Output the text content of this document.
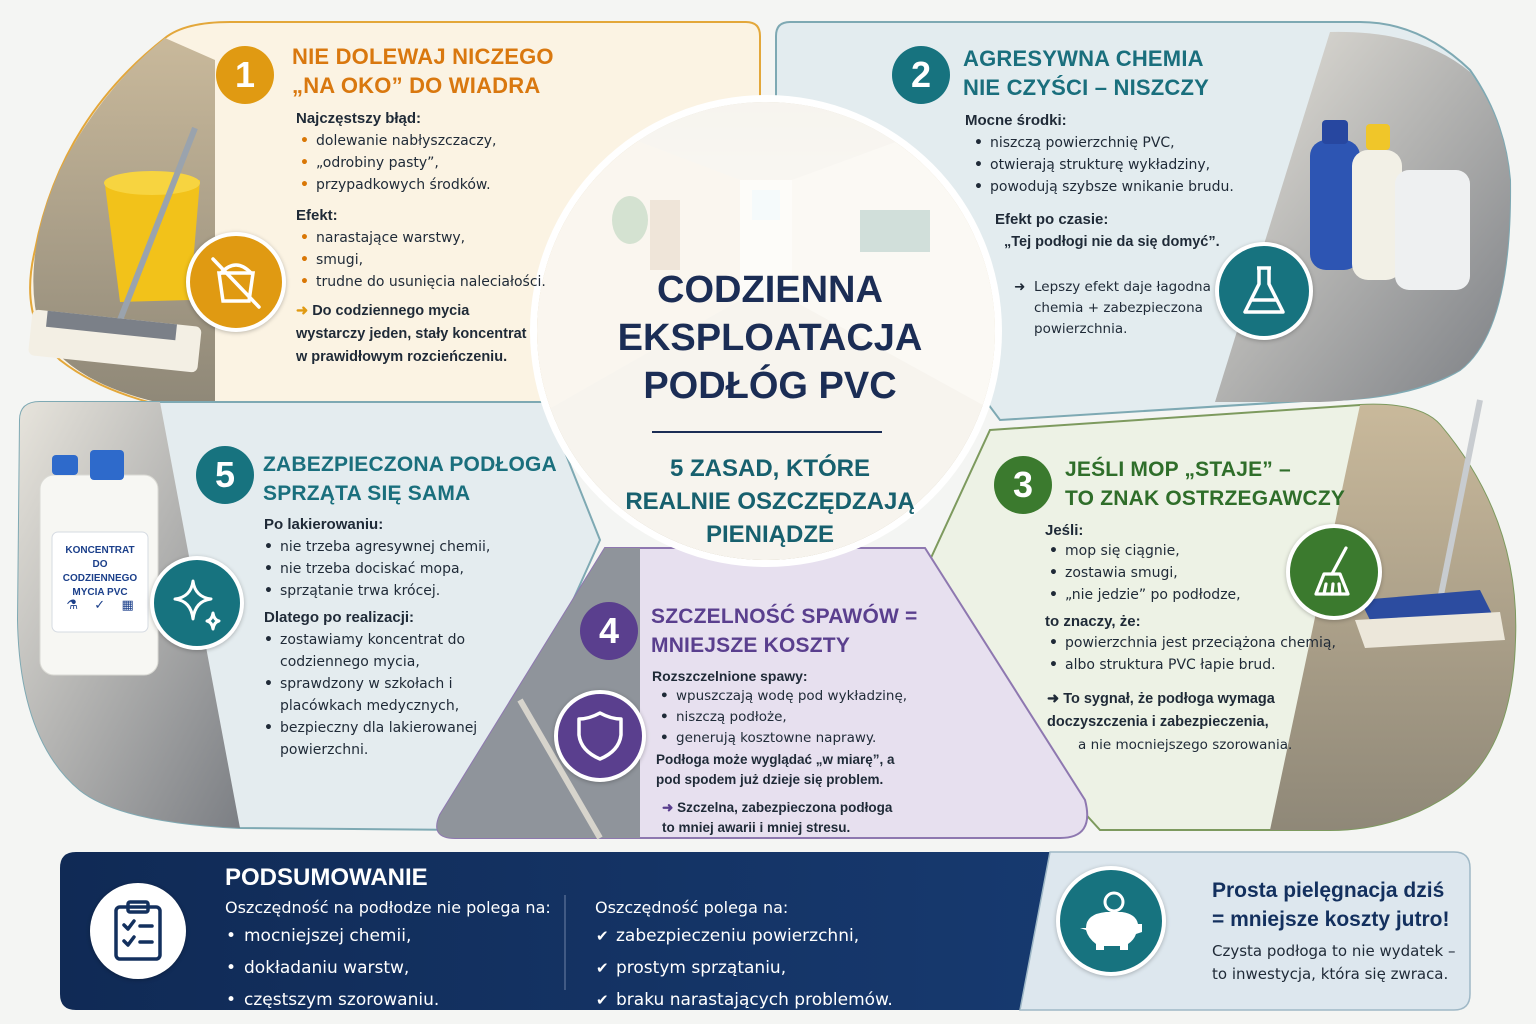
1	NIE DOLEWAJ NICZEGO
„NA OKO” DO WIADRA
Najczęstszy błąd:
• dolewanie nabłyszczaczy,
• „odrobiny pasty”,
• przypadkowych środków.
Efekt:
• narastające warstwy,
• smugi,
• trudne do usunięcia naleciałości.
➜ Do codziennego mycia wystarczy jeden, stały koncentrat w prawidłowym rozcieńczeniu.
2	AGRESYWNA CHEMIA
NIE CZYŚCI – NISZCZY
Mocne środki:
• niszczą powierzchnię PVC,
• otwierają strukturę wykładziny,
• powodują szybsze wnikanie brudu.
Efekt po czasie:
„Tej podłogi nie da się domyć”.
➜ Lepszy efekt daje łagodna chemia + zabezpieczona powierzchnia.
5	ZABEZPIECZONA PODŁOGA
SPRZĄTA SIĘ SAMA
Po lakierowaniu:
• nie trzeba agresywnej chemii,
• nie trzeba dociskać mopa,
• sprzątanie trwa krócej.
Dlatego po realizacji:
• zostawiamy koncentrat do codziennego mycia,
• sprawdzony w szkołach i placówkach medycznych,
• bezpieczny dla lakierowanej powierzchni.
KONCENTRAT
DO CODZIENNEGO
MYCIA PVC
⚗ ✓ ▦
CODZIENNA
EKSPLOATACJA
PODŁÓG PVC
5 ZASAD, KTÓRE
REALNIE OSZCZĘDZAJĄ
PIENIĄDZE
3	JEŚLI MOP „STAJE” –
TO ZNAK OSTRZEGAWCZY
Jeśli:
• mop się ciągnie,
• zostawia smugi,
• „nie jedzie” po podłodze,
to znaczy, że:
• powierzchnia jest przeciążona chemią,
• albo struktura PVC łapie brud.
➜ To sygnał, że podłoga wymaga doczyszczenia i zabezpieczenia,
a nie mocniejszego szorowania.
4	SZCZELNOŚĆ SPAWÓW =
MNIEJSZE KOSZTY
Rozszczelnione spawy:
• wpuszczają wodę pod wykładzinę,
• niszczą podłoże,
• generują kosztowne naprawy.
Podłoga może wyglądać „w miarę”, a pod spodem już dzieje się problem.
➜ Szczelna, zabezpieczona podłoga to mniej awarii i mniej stresu.
PODSUMOWANIE
Oszczędność na podłodze nie polega na:
• mocniejszej chemii,
• dokładaniu warstw,
• częstszym szorowaniu.
Oszczędność polega na:
✔ zabezpieczeniu powierzchni,
✔ prostym sprzątaniu,
✔ braku narastających problemów.
Prosta pielęgnacja dziś
= mniejsze koszty jutro!
Czysta podłoga to nie wydatek –
to inwestycja, która się zwraca.
